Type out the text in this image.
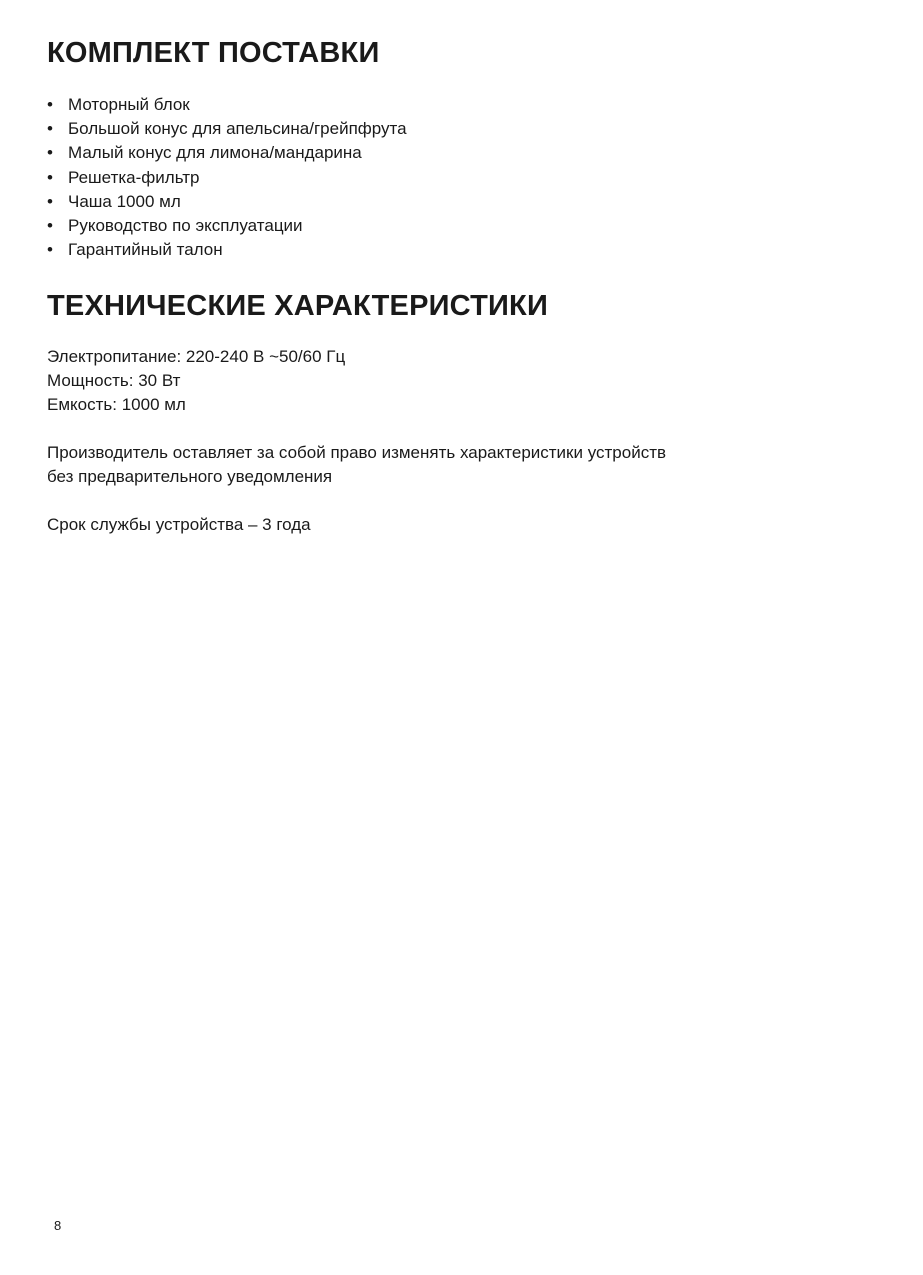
КОМПЛЕКТ ПОСТАВКИ
• Моторный блок
• Большой конус для апельсина/грейпфрута
• Малый конус для лимона/мандарина
• Решетка-фильтр
• Чаша 1000 мл
• Руководство по эксплуатации
• Гарантийный талон
ТЕХНИЧЕСКИЕ ХАРАКТЕРИСТИКИ
Электропитание: 220-240 В ~50/60 Гц
Мощность: 30 Вт
Емкость: 1000 мл
Производитель оставляет за собой право изменять характеристики устройств
без предварительного уведомления
Срок службы устройства – 3 года
8
